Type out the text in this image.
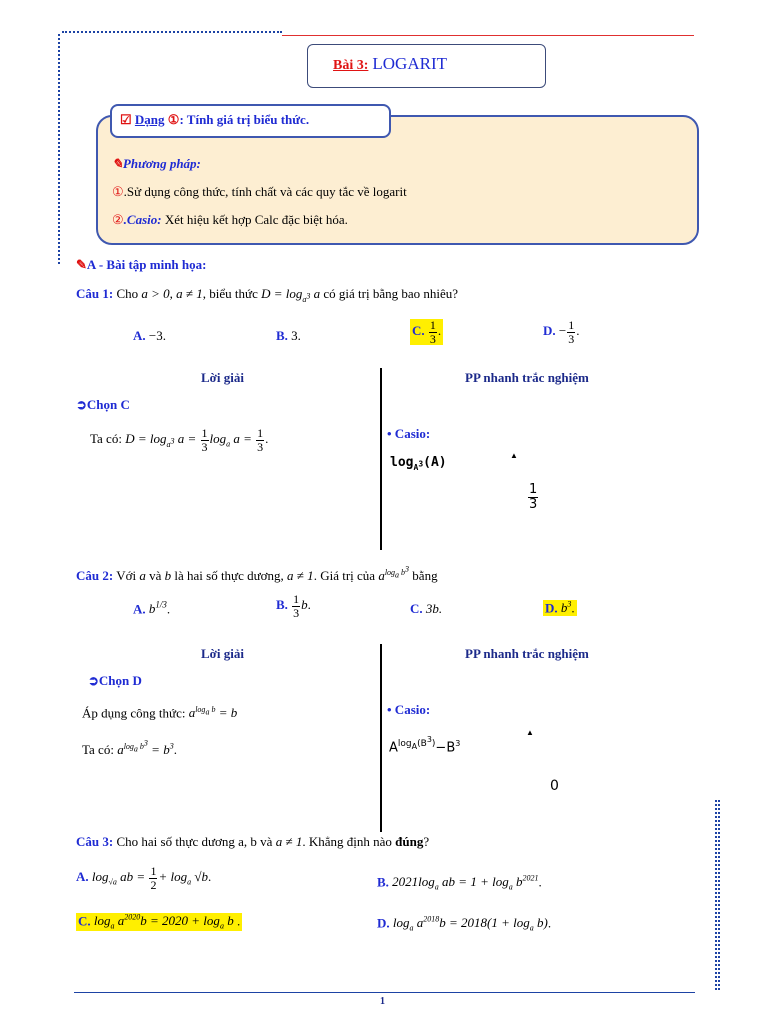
Bài 3: LOGARIT
☑ Dạng ①: Tính giá trị biểu thức.
✎Phương pháp:
①.Sử dụng công thức, tính chất và các quy tắc về logarit
②.Casio: Xét hiệu kết hợp Calc đặc biệt hóa.
✎A - Bài tập minh họa:
Câu 1: Cho a > 0, a ≠ 1, biểu thức $D = \log_{a^3} a$ có giá trị bằng bao nhiêu?
A. −3.	B. 3.	C. $\frac{1}{3}$ .	D. − $\frac{1}{3}$ .
Lời giải	PP nhanh trắc nghiệm
➲Chọn C
Ta có: $D = \log_{a^3} a = \frac{1}{3} \log_a a = \frac{1}{3}$ .	• Casio:
$\log_{A^3}(A)$	▲
$\frac{1}{3}$
Câu 2: Với a và b là hai số thực dương, a ≠ 1. Giá trị của $a^{log_a b^3}$ bằng
A. $b^{1/3}$.	B. $\frac{1}{3} b$.	C. 3b.	D. $b^3$.
Lời giải	PP nhanh trắc nghiệm
➲Chọn D
Áp dụng công thức: $a^{log_a b} = b$
Ta có: $a^{log_a b^3} = b^3$.
• Casio:
$A^{log_A(B^3)}-B^3$
▲
0
Câu 3: Cho hai số thực dương a, b và a ≠ 1. Khẳng định nào đúng?
A. $\log_{√a}$ ab = $\frac{1}{2} + \log_a √b$.	B. $2021\log_a$ ab = $1 + \log_a b^{2021}$.
C. $\log_a a^{2020}b = 2020 + \log_a b$ .	D. $\log_a a^{2018}b = 2018(1 + \log_a b)$.
1
